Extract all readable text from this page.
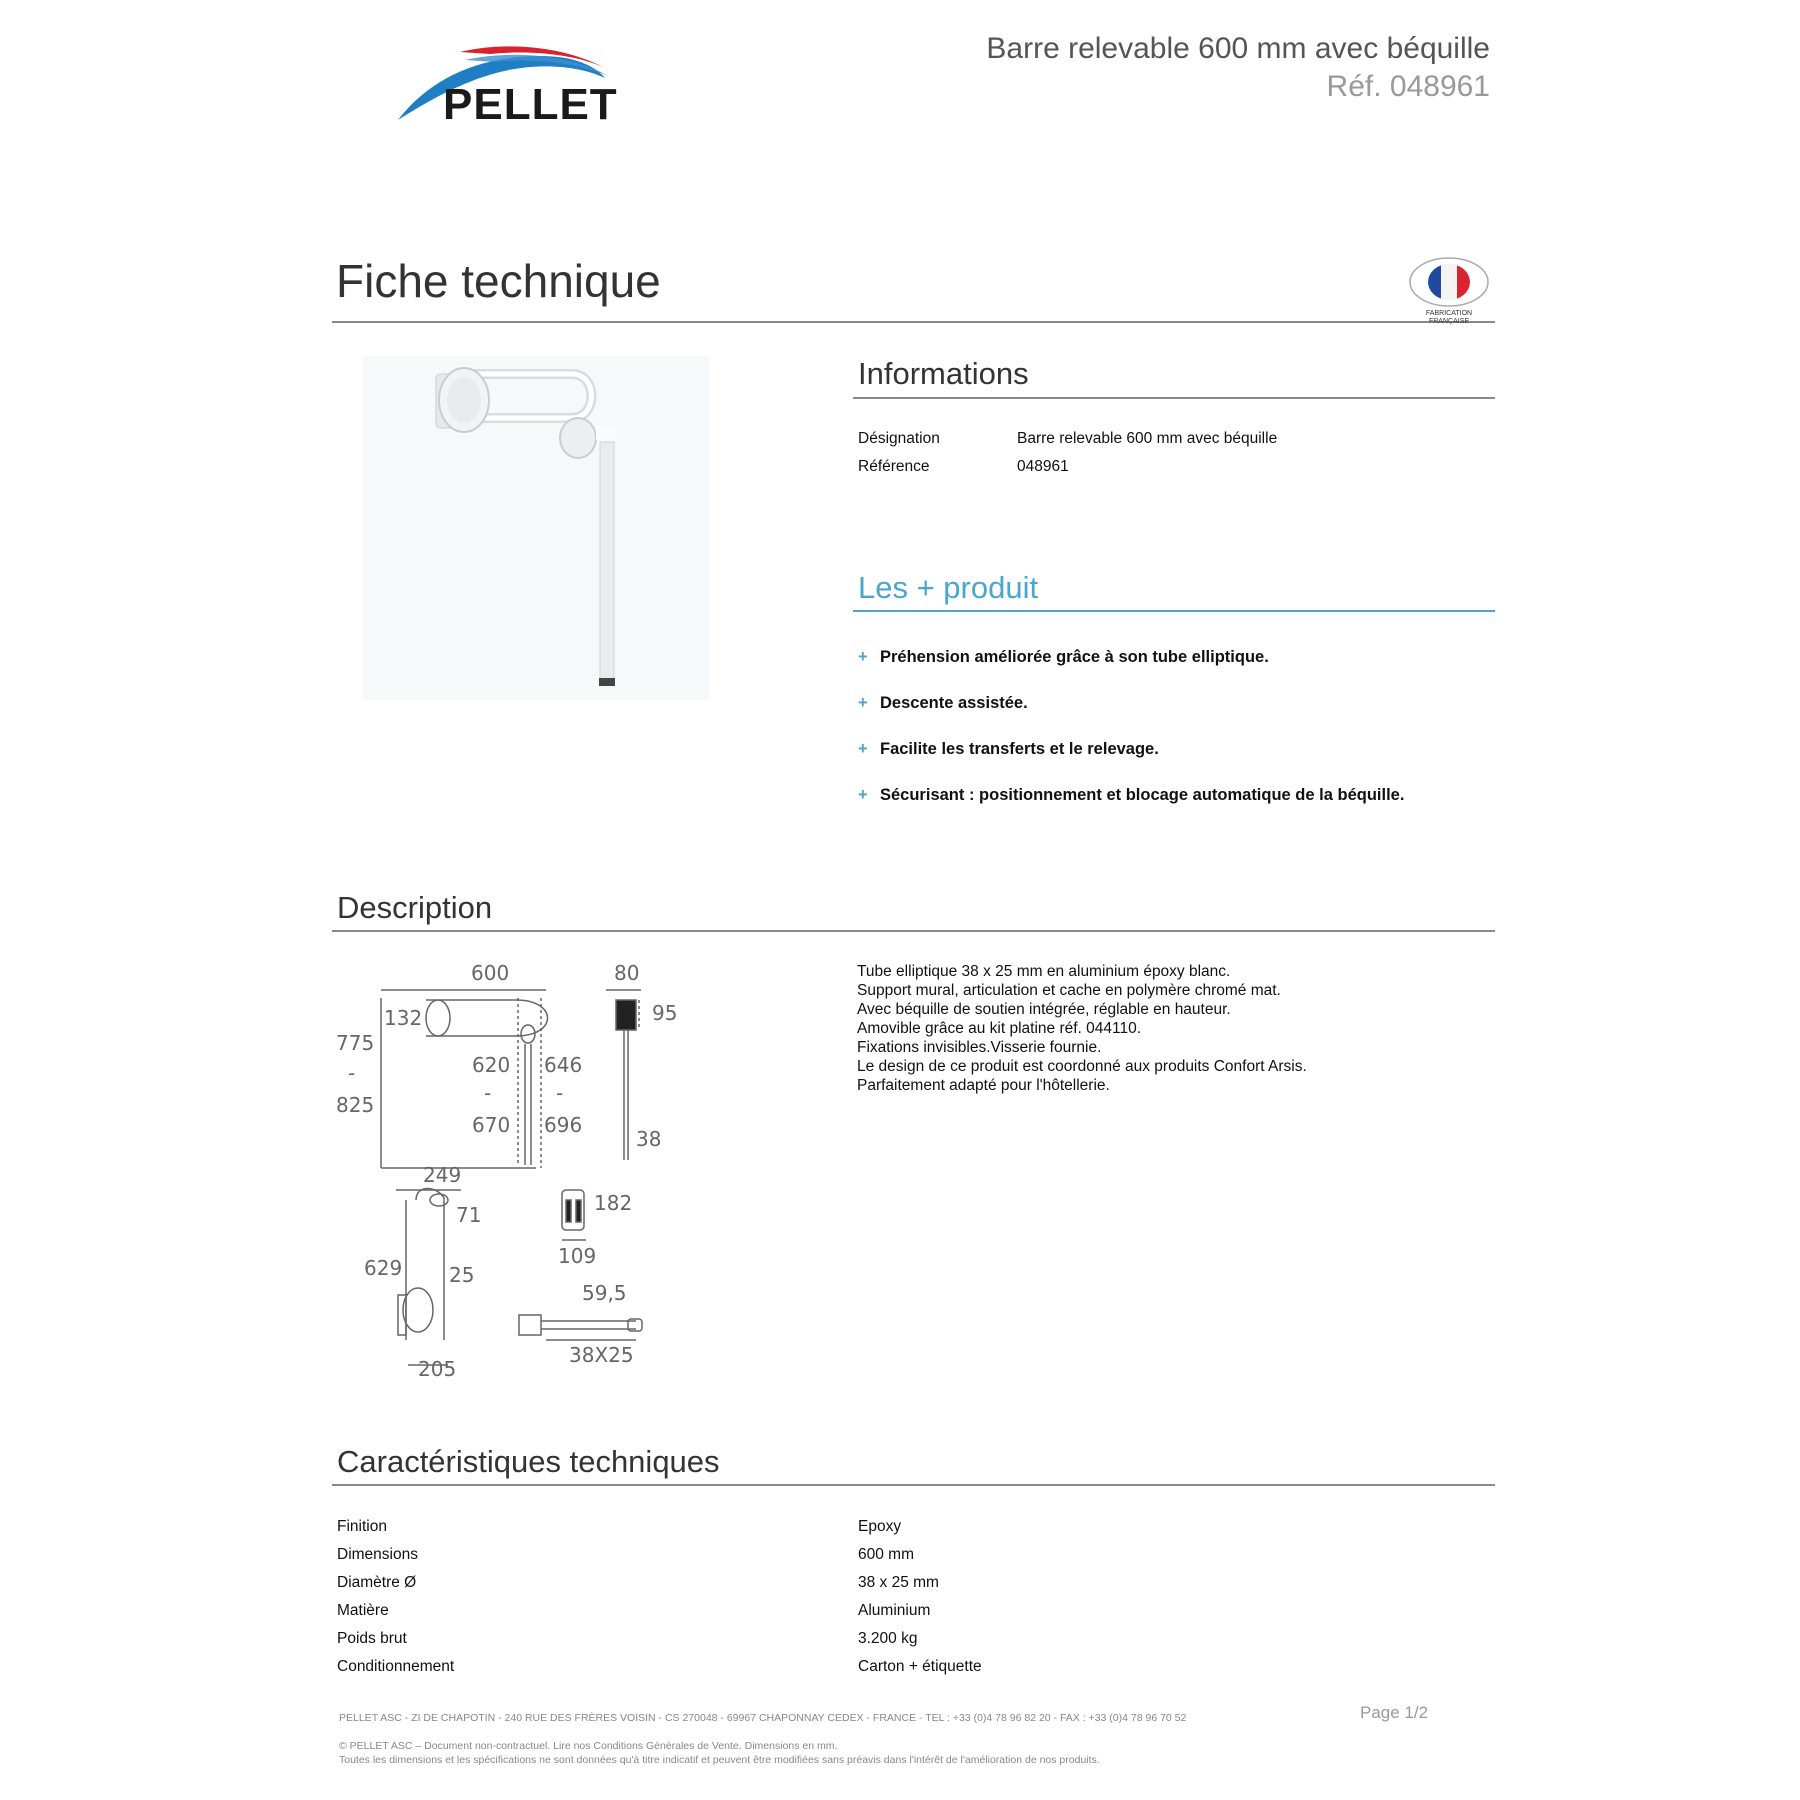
PELLET
Barre relevable 600 mm avec béquille
Réf. 048961
Fiche technique
FABRICATION FRANÇAISE
Informations
Désignation	Barre relevable 600 mm avec béquille
Référence	048961
Les + produit
+ Préhension améliorée grâce à son tube elliptique.
+ Descente assistée.
+ Facilite les transferts et le relevage.
+ Sécurisant : positionnement et blocage automatique de la béquille.
Description
600
132
775
-
825
620
-
670
646
-
696
80
95
38
249
71
629 25
205
182
109
59,5
38X25
Tube elliptique 38 x 25 mm en aluminium époxy blanc.
Support mural, articulation et cache en polymère chromé mat.
Avec béquille de soutien intégrée, réglable en hauteur.
Amovible grâce au kit platine réf. 044110.
Fixations invisibles.Visserie fournie.
Le design de ce produit est coordonné aux produits Confort Arsis.
Parfaitement adapté pour l'hôtellerie.
Caractéristiques techniques
Finition	Epoxy
Dimensions	600 mm
Diamètre Ø	38 x 25 mm
Matière	Aluminium
Poids brut	3.200 kg
Conditionnement	Carton + étiquette
PELLET ASC - ZI DE CHAPOTIN - 240 RUE DES FRÈRES VOISIN - CS 270048 - 69967 CHAPONNAY CEDEX - FRANCE - TEL : +33 (0)4 78 96 82 20 - FAX : +33 (0)4 78 96 70 52	Page 1/2
© PELLET ASC – Document non-contractuel. Lire nos Conditions Générales de Vente. Dimensions en mm.
Toutes les dimensions et les spécifications ne sont données qu'à titre indicatif et peuvent être modifiées sans préavis dans l'intérêt de l'amélioration de nos produits.
